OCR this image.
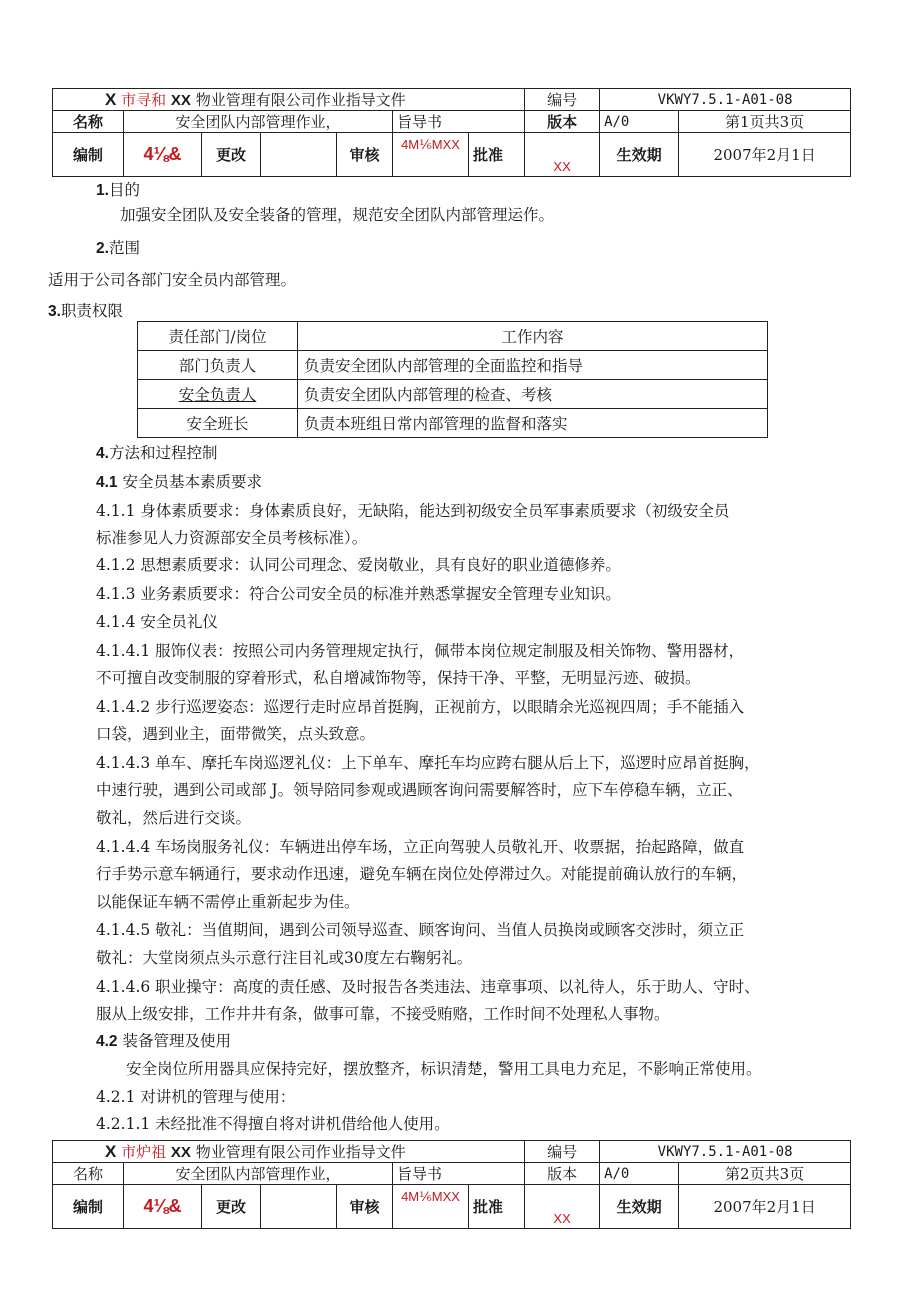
X 市寻和 XX 物业管理有限公司作业指导文件							编号	VKWY7.5.1-A01-08	
名称	安全团队内部管理作业，				旨导书		版本	A/0	第1页共3页
编制	4⅛&	更改		审核	4M⅙MXX	批准	XX	生效期	2007年2月1日
1.目的
加强安全团队及安全装备的管理，规范安全团队内部管理运作。
2.范围
适用于公司各部门安全员内部管理。
3.职责权限
责任部门/岗位	工作内容
部门负责人	负责安全团队内部管理的全面监控和指导
安全负责人	负责安全团队内部管理的检查、考核
安全班长	负责本班组日常内部管理的监督和落实
4.方法和过程控制
4.1 安全员基本素质要求
4.1.1 身体素质要求：身体素质良好，无缺陷，能达到初级安全员军事素质要求（初级安全员
标准参见人力资源部安全员考核标准）。
4.1.2 思想素质要求：认同公司理念、爱岗敬业，具有良好的职业道德修养。
4.1.3 业务素质要求：符合公司安全员的标准并熟悉掌握安全管理专业知识。
4.1.4 安全员礼仪
4.1.4.1 服饰仪表：按照公司内务管理规定执行，佩带本岗位规定制服及相关饰物、警用器材，
不可擅自改变制服的穿着形式，私自增减饰物等，保持干净、平整，无明显污迹、破损。
4.1.4.2 步行巡逻姿态：巡逻行走时应昂首挺胸，正视前方，以眼睛余光巡视四周；手不能插入
口袋，遇到业主，面带微笑，点头致意。
4.1.4.3 单车、摩托车岗巡逻礼仪：上下单车、摩托车均应跨右腿从后上下，巡逻时应昂首挺胸，
中速行驶，遇到公司或部 J。领导陪同参观或遇顾客询问需要解答时，应下车停稳车辆，立正、
敬礼，然后进行交谈。
4.1.4.4 车场岗服务礼仪：车辆进出停车场，立正向驾驶人员敬礼开、收票据，抬起路障，做直
行手势示意车辆通行，要求动作迅速，避免车辆在岗位处停滞过久。对能提前确认放行的车辆，
以能保证车辆不需停止重新起步为佳。
4.1.4.5 敬礼：当值期间，遇到公司领导巡查、顾客询问、当值人员换岗或顾客交涉时，须立正
敬礼：大堂岗须点头示意行注目礼或30度左右鞠躬礼。
4.1.4.6 职业操守：高度的责任感、及时报告各类违法、违章事项、以礼待人，乐于助人、守时、
服从上级安排，工作井井有条，做事可靠，不接受贿赂，工作时间不处理私人事物。
4.2 装备管理及使用
安全岗位所用器具应保持完好，摆放整齐，标识清楚，警用工具电力充足，不影响正常使用。
4.2.1 对讲机的管理与使用：
4.2.1.1 未经批准不得擅自将对讲机借给他人使用。
X 市炉祖 XX 物业管理有限公司作业指导文件							编号	VKWY7.5.1-A01-08	
名称	安全团队内部管理作业，				旨导书		版本	A/0	第2页共3页
编制	4⅛&	更改		审核	4M⅙MXX	批准	XX	生效期	2007年2月1日
